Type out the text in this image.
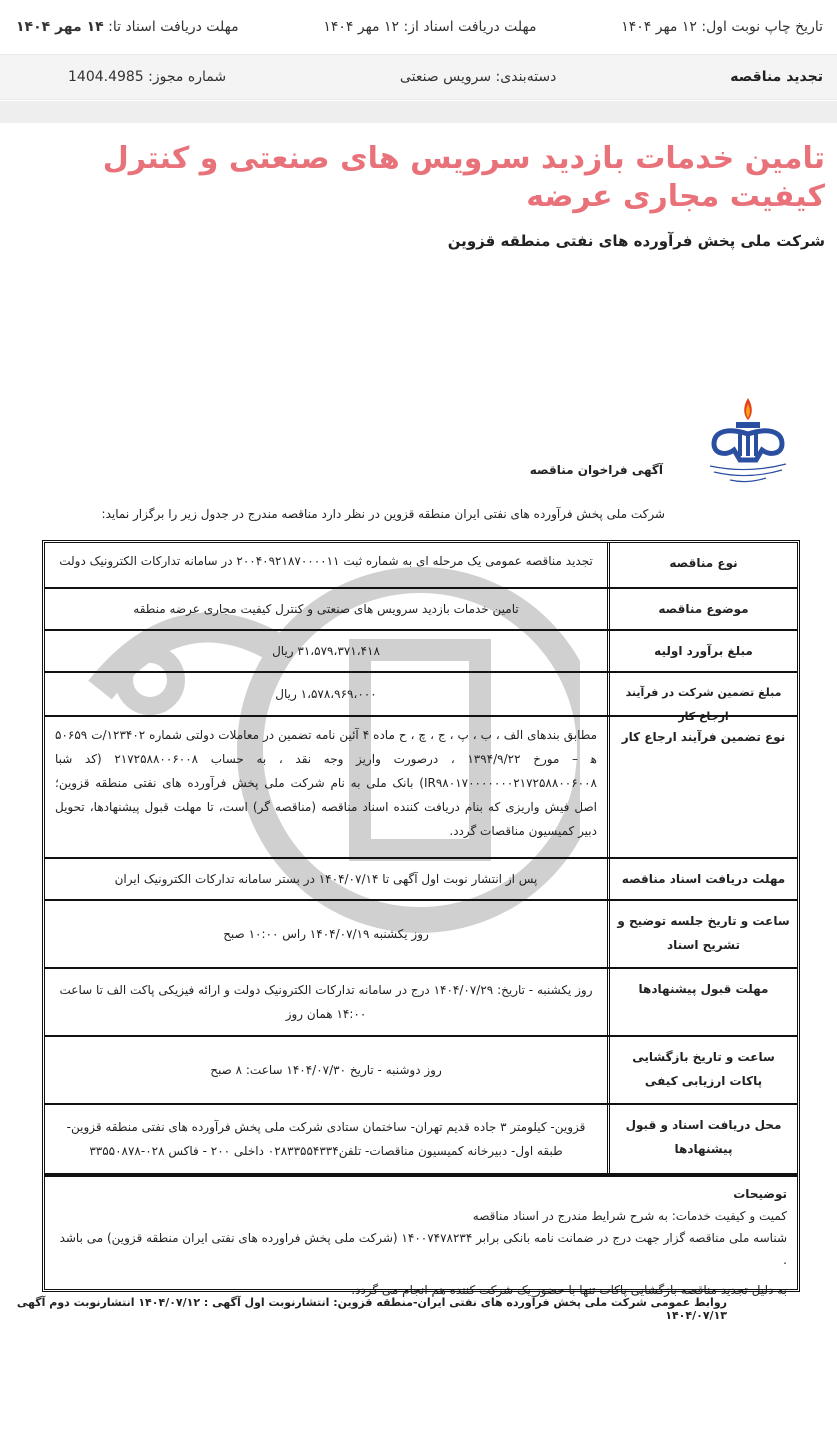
تاریخ چاپ نوبت اول: ۱۲ مهر ۱۴۰۴
مهلت دریافت اسناد از: ۱۲ مهر ۱۴۰۴
مهلت دریافت اسناد تا: ۱۴ مهر ۱۴۰۴
تجدید مناقصه
دسته‌بندی: سرویس صنعتی
شماره مجوز: 1404.4985
تامین خدمات بازدید سرویس های صنعتی و کنترل کیفیت مجاری عرضه
شرکت ملی پخش فرآورده های نفتی منطقه قزوین
آگهی فراخوان مناقصه
شرکت ملی پخش فرآورده های نفتی ایران منطقه قزوین در نظر دارد مناقصه مندرج در جدول زیر را برگزار نماید:
نوع مناقصه
تجدید مناقصه عمومی یک مرحله ای به شماره ثبت ۲۰۰۴۰۹۲۱۸۷۰۰۰۰۱۱ در سامانه تدارکات الکترونیک دولت
موضوع مناقصه
تامین خدمات بازدید سرویس های صنعتی و کنترل کیفیت مجاری عرضه منطقه
مبلغ برآورد اولیه
۳۱،۵۷۹،۳۷۱،۴۱۸ ریال
مبلغ تضمین شرکت در فرآیند ارجاع کار
۱،۵۷۸،۹۶۹،۰۰۰ ریال
نوع تضمین فرآیند ارجاع کار
مطابق بندهای الف ، ب ، پ ، ج ، چ ، ح ماده ۴ آئین نامه تضمین در معاملات دولتی شماره ۱۲۳۴۰۲/ت ۵۰۶۵۹ ه‍ – مورخ ۱۳۹۴/۹/۲۲ ، درصورت واریز وجه نقد ، به حساب ۲۱۷۲۵۸۸۰۰۶۰۰۸ (کد شبا IR۹۸۰۱۷۰۰۰۰۰۰۰۲۱۷۲۵۸۸۰۰۶۰۰۸) بانک ملی به نام شرکت ملی پخش فرآورده های نفتی منطقه قزوین؛ اصل فیش واریزی که بنام دریافت کننده اسناد مناقصه (مناقصه گر) است، تا مهلت قبول پیشنهادها، تحویل دبیر کمیسیون مناقصات گردد.
مهلت دریافت اسناد مناقصه
پس از انتشار نوبت اول آگهی تا ۱۴۰۴/۰۷/۱۴ در بستر سامانه تدارکات الکترونیک ایران
ساعت و تاریخ جلسه توضیح و تشریح اسناد
روز یکشنبه ۱۴۰۴/۰۷/۱۹ راس ۱۰:۰۰ صبح
مهلت قبول پیشنهادها
روز یکشنبه - تاریخ: ۱۴۰۴/۰۷/۲۹ درج در سامانه تدارکات الکترونیک دولت و ارائه فیزیکی پاکت الف تا ساعت ۱۴:۰۰ همان روز
ساعت و تاریخ بازگشایی پاکات ارزیابی کیفی
روز دوشنبه - تاریخ ۱۴۰۴/۰۷/۳۰ ساعت: ۸ صبح
محل دریافت اسناد و قبول پیشنهادها
قزوین- کیلومتر ۳ جاده قدیم تهران- ساختمان ستادی شرکت ملی پخش فرآورده های نفتی منطقه قزوین- طبقه اول- دبیرخانه کمیسیون مناقصات- تلفن۰۲۸۳۳۵۵۴۳۳۴ داخلی ۲۰۰ - فاکس ۰۲۸-۳۳۵۵۰۸۷۸
توضیحات
کمیت و کیفیت خدمات: به شرح شرایط مندرج در اسناد مناقصه
شناسه ملی مناقصه گزار جهت درج در ضمانت نامه بانکی برابر ۱۴۰۰۷۴۷۸۲۳۴ (شرکت ملی پخش فراورده های نفتی ایران منطقه قزوین) می باشد .
به دلیل تجدید مناقصه بازگشایی پاکات تنها با حضور یک شرکت کننده هم انجام می گردد.
روابط عمومی شرکت ملی پخش فرآورده های نفتی ایران-منطقه قزوین: انتشارنوبت اول آگهی : ۱۴۰۴/۰۷/۱۲ انتشارنوبت دوم آگهی ۱۴۰۴/۰۷/۱۳
